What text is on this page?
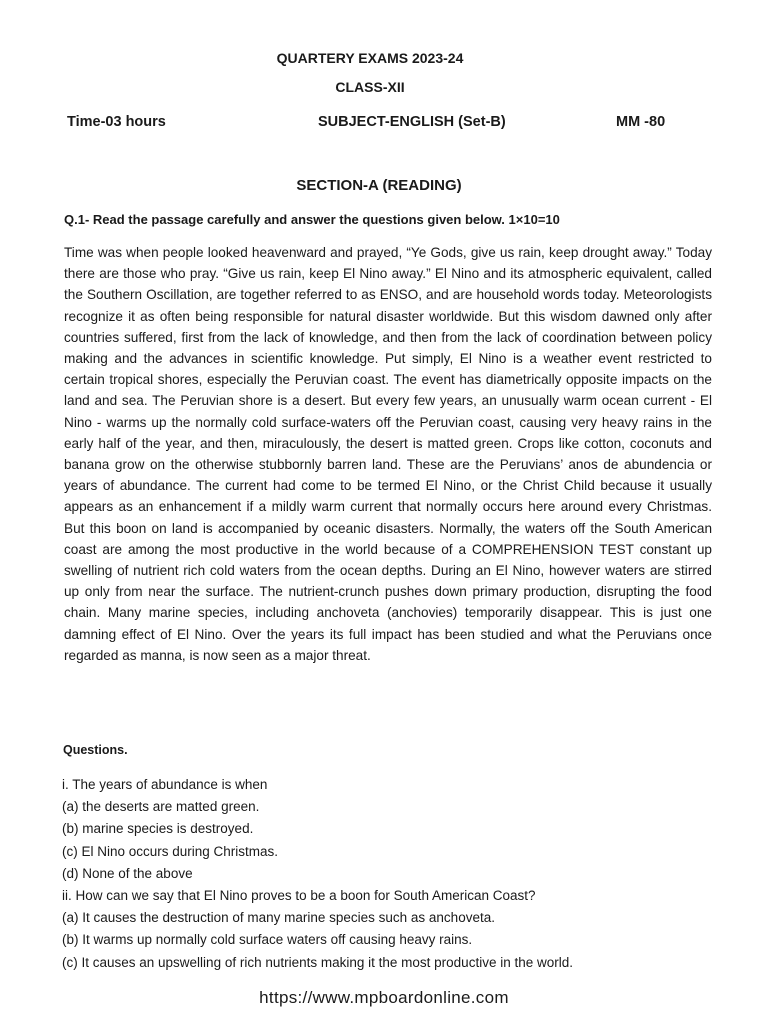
QUARTERY EXAMS 2023-24
CLASS-XII
Time-03 hours	SUBJECT-ENGLISH (Set-B)	MM -80
SECTION-A (READING)
Q.1- Read the passage carefully and answer the questions given below. 1×10=10

Time was when people looked heavenward and prayed, “Ye Gods, give us rain, keep drought away.” Today there are those who pray. “Give us rain, keep El Nino away.” El Nino and its atmospheric equivalent, called the Southern Oscillation, are together referred to as ENSO, and are household words today. Meteorologists recognize it as often being responsible for natural disaster worldwide. But this wisdom dawned only after countries suffered, first from the lack of knowledge, and then from the lack of coordination between policy making and the advances in scientific knowledge. Put simply, El Nino is a weather event restricted to certain tropical shores, especially the Peruvian coast. The event has diametrically opposite impacts on the land and sea. The Peruvian shore is a desert. But every few years, an unusually warm ocean current - El Nino - warms up the normally cold surface-waters off the Peruvian coast, causing very heavy rains in the early half of the year, and then, miraculously, the desert is matted green. Crops like cotton, coconuts and banana grow on the otherwise stubbornly barren land. These are the Peruvians’ anos de abundencia or years of abundance. The current had come to be termed El Nino, or the Christ Child because it usually appears as an enhancement if a mildly warm current that normally occurs here around every Christmas. But this boon on land is accompanied by oceanic disasters. Normally, the waters off the South American coast are among the most productive in the world because of a COMPREHENSION TEST constant up swelling of nutrient rich cold waters from the ocean depths. During an El Nino, however waters are stirred up only from near the surface. The nutrient-crunch pushes down primary production, disrupting the food chain. Many marine species, including anchoveta (anchovies) temporarily disappear. This is just one damning effect of El Nino. Over the years its full impact has been studied and what the Peruvians once regarded as manna, is now seen as a major threat.

Questions.
i. The years of abundance is when
(a) the deserts are matted green.
(b) marine species is destroyed.
(c) El Nino occurs during Christmas.
(d) None of the above
ii. How can we say that El Nino proves to be a boon for South American Coast?
(a) It causes the destruction of many marine species such as anchoveta.
(b) It warms up normally cold surface waters off causing heavy rains.
(c) It causes an upswelling of rich nutrients making it the most productive in the world.
https://www.mpboardonline.com
